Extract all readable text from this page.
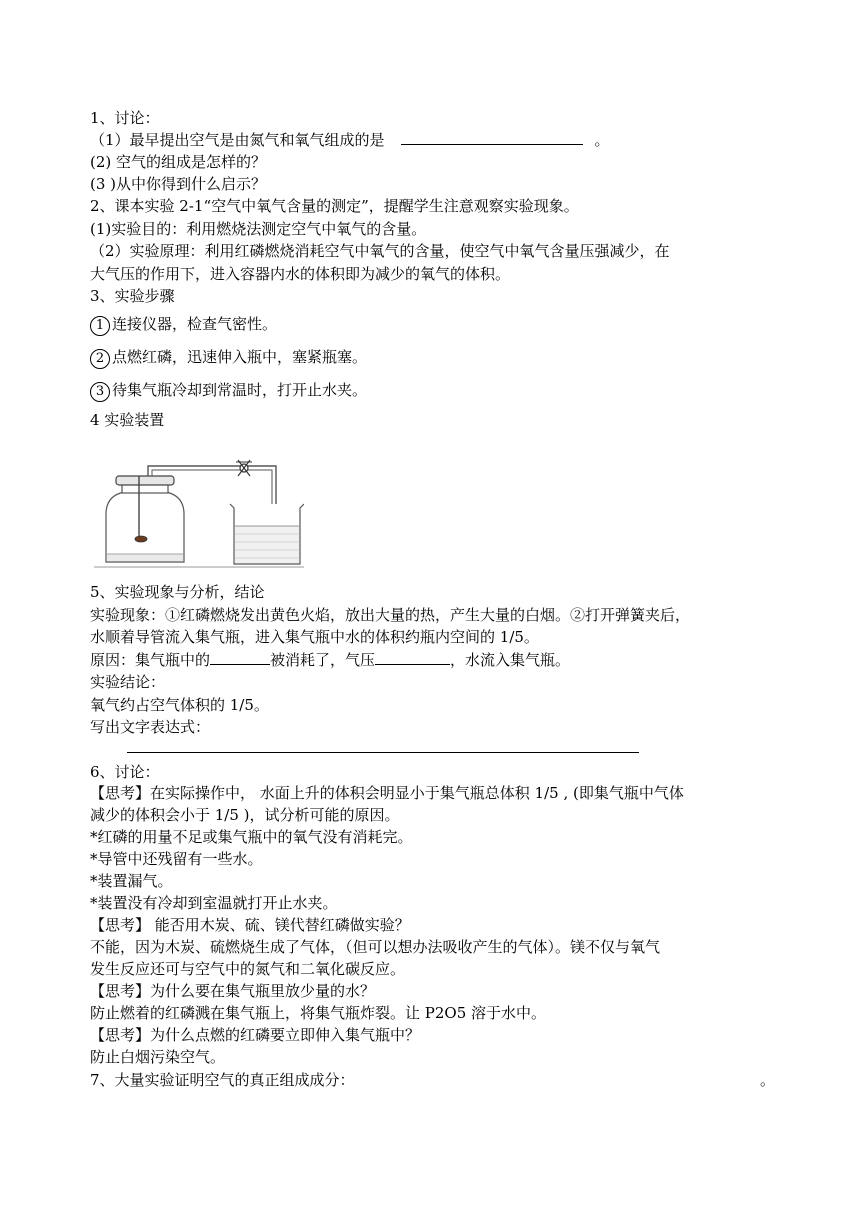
1、讨论：
（1）最早提出空气是由氮气和氧气组成的是	。
(2) 空气的组成是怎样的？
(3 )从中你得到什么启示？
2、课本实验 2-1“空气中氧气含量的测定”，提醒学生注意观察实验现象。
(1)实验目的：利用燃烧法测定空气中氧气的含量。
（2）实验原理：利用红磷燃烧消耗空气中氧气的含量，使空气中氧气含量压强减少，在
大气压的作用下，进入容器内水的体积即为减少的氧气的体积。
3、实验步骤
1 连接仪器，检查气密性。
2 点燃红磷，迅速伸入瓶中，塞紧瓶塞。
3 待集气瓶冷却到常温时，打开止水夹。
4 实验装置
5、实验现象与分析，结论
实验现象：①红磷燃烧发出黄色火焰，放出大量的热，产生大量的白烟。②打开弹簧夹后，
水顺着导管流入集气瓶，进入集气瓶中水的体积约瓶内空间的 1/5。
原因：集气瓶中的	被消耗了，气压	，水流入集气瓶。
实验结论：
氧气约占空气体积的 1/5。
写出文字表达式：
6、讨论：
【思考】在实际操作中， 水面上升的体积会明显小于集气瓶总体积 1/5 , (即集气瓶中气体
减少的体积会小于 1/5 )，试分析可能的原因。
*红磷的用量不足或集气瓶中的氧气没有消耗完。
*导管中还残留有一些水。
*装置漏气。
*装置没有冷却到室温就打开止水夹。
【思考】 能否用木炭、硫、镁代替红磷做实验？
不能，因为木炭、硫燃烧生成了气体，（但可以想办法吸收产生的气体）。镁不仅与氧气
发生反应还可与空气中的氮气和二氧化碳反应。
【思考】为什么要在集气瓶里放少量的水？
防止燃着的红磷溅在集气瓶上，将集气瓶炸裂。让 P2O5 溶于水中。
【思考】为什么点燃的红磷要立即伸入集气瓶中？
防止白烟污染空气。
7、大量实验证明空气的真正组成成分：	。
